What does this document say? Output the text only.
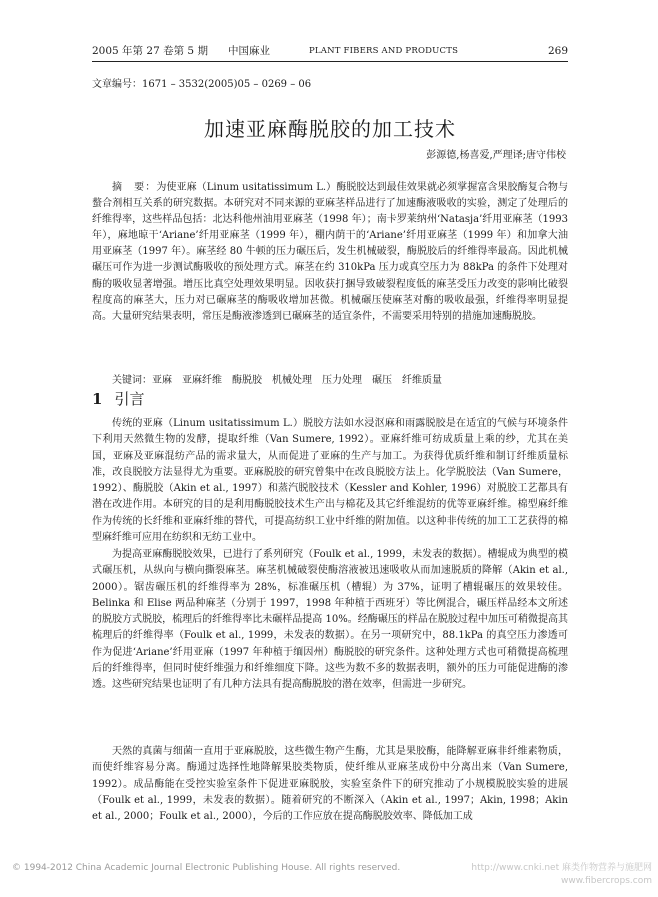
2005 年第 27 卷第 5 期 中国麻业	PLANT FIBERS AND PRODUCTS	269
文章编号：1671 – 3532(2005)05 – 0269 – 06
加速亚麻酶脱胶的加工技术
彭源德,杨喜爱,严理译;唐守伟校

摘　要：为使亚麻（Linum usitatissimum L.）酶脱胶达到最佳效果就必须掌握富含果胶酶复合物与螯合剂相互关系的研究数据。本研究对不同来源的亚麻茎样品进行了加速酶液吸收的实验，测定了处理后的纤维得率，这些样品包括：北达科他州油用亚麻茎（1998 年）；南卡罗莱纳州‘Natasja’纤用亚麻茎（1993 年），麻地晾干‘Ariane’纤用亚麻茎（1999 年），棚内荫干的‘Ariane’纤用亚麻茎（1999 年）和加拿大油用亚麻茎（1997 年）。麻茎经 80 牛顿的压力碾压后，发生机械破裂，酶脱胶后的纤维得率最高。因此机械碾压可作为进一步测试酶吸收的预处理方式。麻茎在约 310kPa 压力或真空压力为 88kPa 的条件下处理对酶的吸收显著增强。增压比真空处理效果明显。因收获打捆导致破裂程度低的麻茎受压力改变的影响比破裂程度高的麻茎大，压力对已碾麻茎的酶吸收增加甚微。机械碾压使麻茎对酶的吸收最强，纤维得率明显提高。大量研究结果表明，常压是酶液渗透到已碾麻茎的适宜条件，不需要采用特别的措施加速酶脱胶。

关键词：亚麻　亚麻纤维　酶脱胶　机械处理　压力处理　碾压　纤维质量

1 引言

传统的亚麻（Linum usitatissimum L.）脱胶方法如水浸沤麻和雨露脱胶是在适宜的气候与环境条件下利用天然微生物的发酵，提取纤维（Van Sumere, 1992）。亚麻纤维可纺成质量上乘的纱，尤其在美国，亚麻及亚麻混纺产品的需求量大，从而促进了亚麻的生产与加工。为获得优质纤维和制订纤维质量标准，改良脱胶方法显得尤为重要。亚麻脱胶的研究曾集中在改良脱胶方法上。化学脱胶法（Van Sumere，1992）、酶脱胶（Akin et al., 1997）和蒸汽脱胶技术（Kessler and Kohler, 1996）对脱胶工艺都具有潜在改进作用。本研究的目的是利用酶脱胶技术生产出与棉花及其它纤维混纺的优等亚麻纤维。棉型麻纤维作为传统的长纤维和亚麻纤维的替代，可提高纺织工业中纤维的附加值。以这种非传统的加工工艺获得的棉型麻纤维可应用在纺织和无纺工业中。

为提高亚麻酶脱胶效果，已进行了系列研究（Foulk et al., 1999，未发表的数据）。槽辊成为典型的模式碾压机，从纵向与横向撕裂麻茎。麻茎机械破裂使酶溶液被迅速吸收从而加速脱质的降解（Akin et al., 2000）。锯齿碾压机的纤维得率为 28%，标准碾压机（槽辊）为 37%，证明了槽辊碾压的效果较佳。Belinka 和 Elise 两品种麻茎（分别于 1997，1998 年种植于西班牙）等比例混合，碾压样品经本文所述的脱胶方式脱胶，梳理后的纤维得率比未碾样品提高 10%。经酶碾压的样品在脱胶过程中加压可稍微提高其梳理后的纤维得率（Foulk et al., 1999，未发表的数据）。在另一项研究中，88.1kPa 的真空压力渗透可作为促进‘Ariane’纤用亚麻（1997 年种植于缅因州）酶脱胶的研究条件。这种处理方式也可稍微提高梳理后的纤维得率，但同时使纤维强力和纤维细度下降。这些为数不多的数据表明，额外的压力可能促进酶的渗透。这些研究结果也证明了有几种方法具有提高酶脱胶的潜在效率，但需进一步研究。

天然的真菌与细菌一直用于亚麻脱胶，这些微生物产生酶，尤其是果胶酶，能降解亚麻非纤维素物质，而使纤维容易分离。酶通过选择性地降解果胶类物质，使纤维从亚麻茎成份中分离出来（Van Sumere, 1992）。成品酶能在受控实验室条件下促进亚麻脱胶，实验室条件下的研究推动了小规模脱胶实验的进展（Foulk et al., 1999，未发表的数据）。随着研究的不断深入（Akin et al., 1997；Akin, 1998；Akin et al., 2000；Foulk et al., 2000），今后的工作应放在提高酶脱胶效率、降低加工成

© 1994-2012 China Academic Journal Electronic Publishing House. All rights reserved.	http://www.cnki.net 麻类作物营养与施肥网
www.fibercrops.com
